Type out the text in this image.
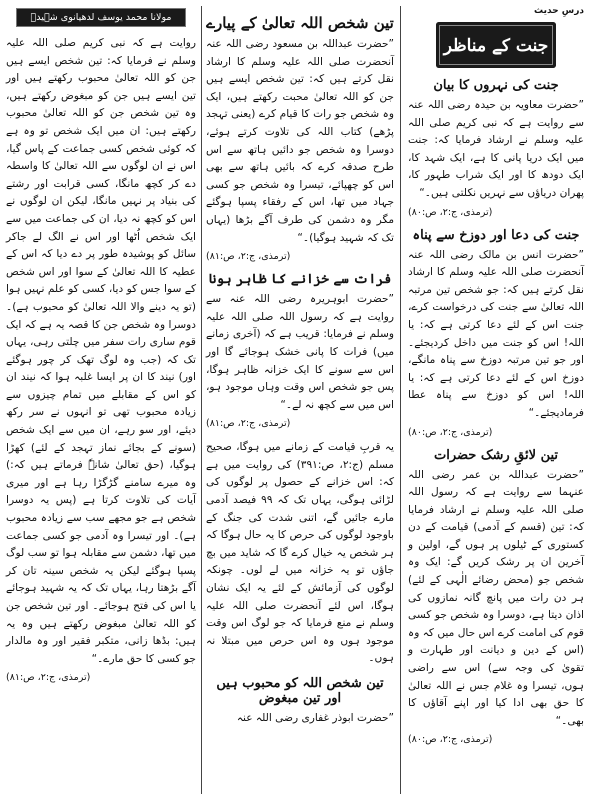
درسِ حدیث
جنت کے مناظر
جنت کی نہروں کا بیان

”حضرت معاویہ بن حیدہ رضی اللہ عنہ سے روایت ہے کہ نبی کریم صلی اللہ علیہ وسلم نے ارشاد فرمایا کہ: جنت میں ایک دریا پانی کا ہے، ایک شہد کا، ایک دودھ کا اور ایک شراب طہور کا، پھران دریاؤں سے نہریں نکلتی ہیں۔“

(ترمذی، ج:۲، ص:۸۰)
جنت کی دعا اور دوزخ سے پناہ

”حضرت انس بن مالک رضی اللہ عنہ آنحضرت صلی اللہ علیہ وسلم کا ارشاد نقل کرتے ہیں کہ: جو شخص تین مرتبہ اللہ تعالیٰ سے جنت کی درخواست کرے، جنت اس کے لئے دعا کرتی ہے کہ: یا اللہ! اس کو جنت میں داخل کردیجئے۔ اور جو تین مرتبہ دوزخ سے پناہ مانگے، دوزخ اس کے لئے دعا کرتی ہے کہ: یا اللہ! اس کو دوزخ سے پناہ عطا فرمادیجئے۔“

(ترمذی، ج:۲، ص:۸۰)
تین لائقِ رشک حضرات

”حضرت عبداللہ بن عمر رضی اللہ عنہما سے روایت ہے کہ رسول اللہ صلی اللہ علیہ وسلم نے ارشاد فرمایا کہ: تین (قسم کے آدمی) قیامت کے دن کستوری کے ٹیلوں پر ہوں گے، اولین و آخرین ان پر رشک کریں گے: ایک وہ شخص جو (محض رضائے الٰہی کے لئے) ہر دن رات میں پانچ گانہ نمازوں کی اذان دیتا ہے، دوسرا وہ شخص جو کسی قوم کی امامت کرے اس حال میں کہ وہ (اس کے دین و دیانت اور طہارت و تقویٰ کی وجہ سے) اس سے راضی ہوں، تیسرا وہ غلام جس نے اللہ تعالیٰ کا حق بھی ادا کیا اور اپنے آقاؤں کا بھی۔“

(ترمذی، ج:۲، ص:۸۰)
تین شخص اللہ تعالیٰ کے پیارے

”حضرت عبداللہ بن مسعود رضی اللہ عنہ آنحضرت صلی اللہ علیہ وسلم کا ارشاد نقل کرتے ہیں کہ: تین شخص ایسے ہیں جن کو اللہ تعالیٰ محبت رکھتے ہیں، ایک وہ شخص جو رات کا قیام کرے (یعنی تہجد پڑھے) کتاب اللہ کی تلاوت کرتے ہوئے، دوسرا وہ شخص جو دائیں ہاتھ سے اس طرح صدقہ کرے کہ بائیں ہاتھ سے بھی اس کو چھپائے، تیسرا وہ شخص جو کسی جہاد میں تھا، اس کے رفقاء پسپا ہوگئے مگر وہ دشمن کی طرف آگے بڑھا (یہاں تک کہ شہید ہوگیا)۔“

(ترمذی، ج:۲، ص:۸۱)
فرات سے خزانے کا ظاہر ہونا

”حضرت ابوہریرہ رضی اللہ عنہ سے روایت ہے کہ رسول اللہ صلی اللہ علیہ وسلم نے فرمایا: قریب ہے کہ (آخری زمانے میں) فرات کا پانی خشک ہوجائے گا اور اس سے سونے کا ایک خزانہ ظاہر ہوگا، پس جو شخص اس وقت وہاں موجود ہو، اس میں سے کچھ نہ لے۔“

(ترمذی، ج:۲، ص:۸۱)

یہ قربِ قیامت کے زمانے میں ہوگا، صحیح مسلم (ج:۲، ص:۳۹۱) کی روایت میں ہے کہ: اس خزانے کے حصول پر لوگوں کی لڑائی ہوگی، یہاں تک کہ ۹۹ فیصد آدمی مارے جائیں گے، اتنی شدت کی جنگ کے باوجود لوگوں کی حرص کا یہ حال ہوگا کہ ہر شخص یہ خیال کرے گا کہ شاید میں بچ جاؤں تو یہ خزانہ میں لے لوں۔ چونکہ لوگوں کی آزمائش کے لئے یہ ایک نشان ہوگا، اس لئے آنحضرت صلی اللہ علیہ وسلم نے منع فرمایا کہ جو لوگ اس وقت موجود ہوں وہ اس حرص میں مبتلا نہ ہوں۔

تین شخص اللہ کو محبوب ہیں اور تین مبغوض

”حضرت ابوذر غفاری رضی اللہ عنہ

مولانا محمد یوسف لدھیانوی شہیدؒ

روایت ہے کہ نبی کریم صلی اللہ علیہ وسلم نے فرمایا کہ: تین شخص ایسے ہیں جن کو اللہ تعالیٰ محبوب رکھتے ہیں اور تین ایسے ہیں جن کو مبغوض رکھتے ہیں، وہ تین شخص جن کو اللہ تعالیٰ محبوب رکھتے ہیں: ان میں ایک شخص تو وہ ہے کہ کوئی شخص کسی جماعت کے پاس گیا، اس نے ان لوگوں سے اللہ تعالیٰ کا واسطہ دے کر کچھ مانگا، کسی قرابت اور رشتے کی بنیاد پر نہیں مانگا، لیکن ان لوگوں نے اس کو کچھ نہ دیا، ان کی جماعت میں سے ایک شخص اُٹھا اور اس نے الگ لے جاکر سائل کو پوشیدہ طور پر دے دیا کہ اس کے عطیہ کا اللہ تعالیٰ کے سوا اور اس شخص کے سوا جس کو دیا، کسی کو علم نہیں ہوا (تو یہ دینے والا اللہ تعالیٰ کو محبوب ہے)۔ دوسرا وہ شخص جن کا قصہ یہ ہے کہ ایک قوم ساری رات سفر میں چلتی رہی، یہاں تک کہ (جب وہ لوگ تھک کر چور ہوگئے اور) نیند کا ان پر ایسا غلبہ ہوا کہ نیند ان کو اس کے مقابلے میں تمام چیزوں سے زیادہ محبوب تھی تو انہوں نے سر رکھ دیئے، اور سو رہے، ان میں سے ایک شخص (سونے کے بجائے نماز تہجد کے لئے) کھڑا ہوگیا، (حق تعالیٰ شانہٗ فرماتے ہیں کہ:) وہ میرے سامنے گڑگڑا رہا ہے اور میری آیات کی تلاوت کرتا ہے (پس یہ دوسرا شخص ہے جو مجھے سب سے زیادہ محبوب ہے)۔ اور تیسرا وہ آدمی جو کسی جماعت میں تھا، دشمن سے مقابلہ ہوا تو سب لوگ پسپا ہوگئے لیکن یہ شخص سینہ تان کر آگے بڑھتا رہا، یہاں تک کہ یہ شہید ہوجائے یا اس کی فتح ہوجائے۔ اور تین شخص جن کو اللہ تعالیٰ مبغوض رکھتے ہیں وہ یہ ہیں: بڈھا زانی، متکبر فقیر اور وہ مالدار جو کسی کا حق مارے۔“

(ترمذی، ج:۲، ص:۸۱)
